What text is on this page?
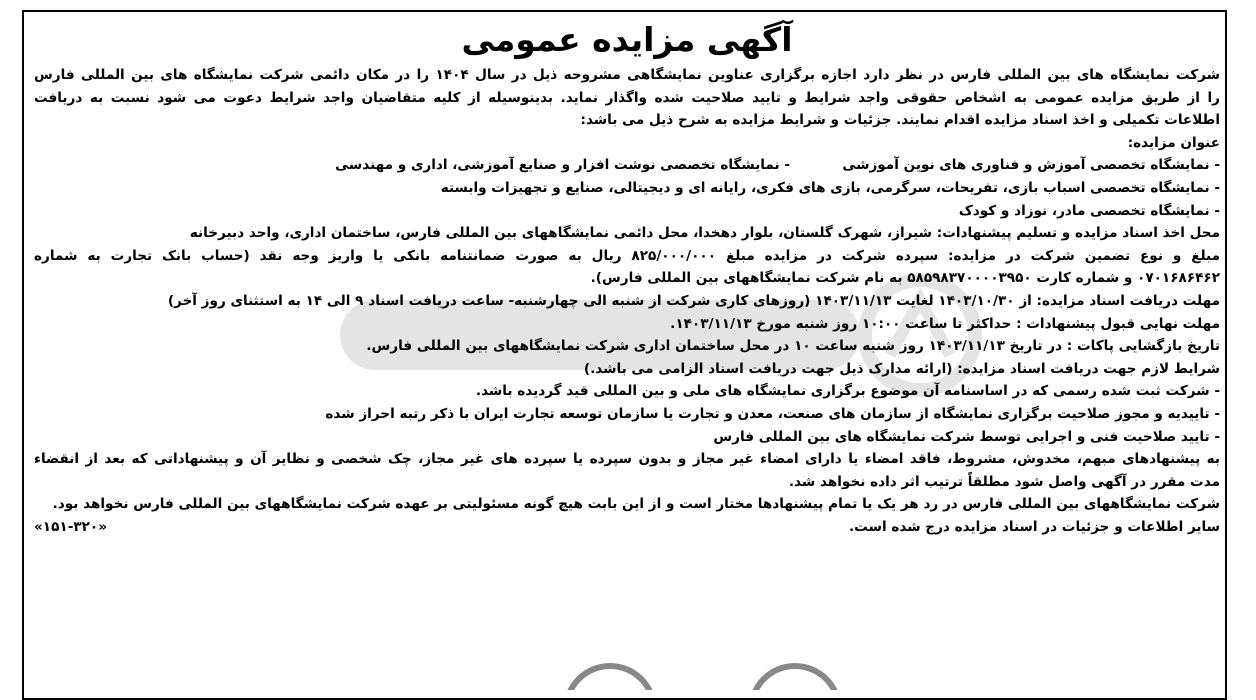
آگهی مزایده عمومی
شرکت نمایشگاه های بین المللی فارس در نظر دارد اجازه برگزاری عناوین نمایشگاهی مشروحه ذیل در سال ۱۴۰۴ را در مکان دائمی شرکت نمایشگاه های بین المللی فارس
را از طریق مزایده عمومی به اشخاص حقوقی واجد شرایط و تایید صلاحیت شده واگذار نماید. بدینوسیله از کلیه متقاضیان واجد شرایط دعوت می شود نسبت به دریافت
اطلاعات تکمیلی و اخذ اسناد مزایده اقدام نمایند. جزئیات و شرایط مزایده به شرح ذیل می باشد:
عنوان مزایده:
- نمایشگاه تخصصی آموزش و فناوری های نوین آموزشی
- نمایشگاه تخصصی نوشت افزار و صنایع آموزشی، اداری و مهندسی
- نمایشگاه تخصصی اسباب بازی، تفریحات، سرگرمی، بازی های فکری، رایانه ای و دیجیتالی، صنایع و تجهیزات وابسته
- نمایشگاه تخصصی مادر، نوزاد و کودک
محل اخذ اسناد مزایده و تسلیم پیشنهادات: شیراز، شهرک گلستان، بلوار دهخدا، محل دائمی نمایشگاههای بین المللی فارس، ساختمان اداری، واحد دبیرخانه
مبلغ و نوع تضمین شرکت در مزایده: سپرده شرکت در مزایده مبلغ ۸۲۵/۰۰۰/۰۰۰ ریال به صورت ضمانتنامه بانکی یا واریز وجه نقد (حساب بانک تجارت به شماره
۰۷۰۱۶۸۶۴۶۲ و شماره کارت ۵۸۵۹۸۳۷۰۰۰۰۳۹۵۰ به نام شرکت نمایشگاههای بین المللی فارس).
مهلت دریافت اسناد مزایده: از ۱۴۰۳/۱۰/۳۰ لغایت ۱۴۰۳/۱۱/۱۳ (روزهای کاری شرکت از شنبه الی چهارشنبه- ساعت دریافت اسناد ۹ الی ۱۴ به استثنای روز آخر)
مهلت نهایی قبول پیشنهادات : حداکثر تا ساعت ۱۰:۰۰ روز شنبه مورخ ۱۴۰۳/۱۱/۱۳.
تاریخ بازگشایی پاکات : در تاریخ ۱۴۰۳/۱۱/۱۳ روز شنبه ساعت ۱۰ در محل ساختمان اداری شرکت نمایشگاههای بین المللی فارس.
شرایط لازم جهت دریافت اسناد مزایده: (ارائه مدارک ذیل جهت دریافت اسناد الزامی می باشد.)
- شرکت ثبت شده رسمی که در اساسنامه آن موضوع برگزاری نمایشگاه های ملی و بین المللی قید گردیده باشد.
- تاییدیه و مجوز صلاحیت برگزاری نمایشگاه از سازمان های صنعت، معدن و تجارت یا سازمان توسعه تجارت ایران با ذکر رتبه احراز شده
- تایید صلاحیت فنی و اجرایی توسط شرکت نمایشگاه های بین المللی فارس
به پیشنهادهای مبهم، مخدوش، مشروط، فاقد امضاء یا دارای امضاء غیر مجاز و بدون سپرده یا سپرده های غیر مجاز، چک شخصی و نظایر آن و پیشنهاداتی که بعد از انقضاء
مدت مقرر در آگهی واصل شود مطلقاً ترتیب اثر داده نخواهد شد.
شرکت نمایشگاههای بین المللی فارس در رد هر یک یا تمام پیشنهادها مختار است و از این بابت هیچ گونه مسئولیتی بر عهده شرکت نمایشگاههای بین المللی فارس نخواهد بود.
سایر اطلاعات و جزئیات در اسناد مزایده درج شده است.
«۱۵۱-۳۲۰»
